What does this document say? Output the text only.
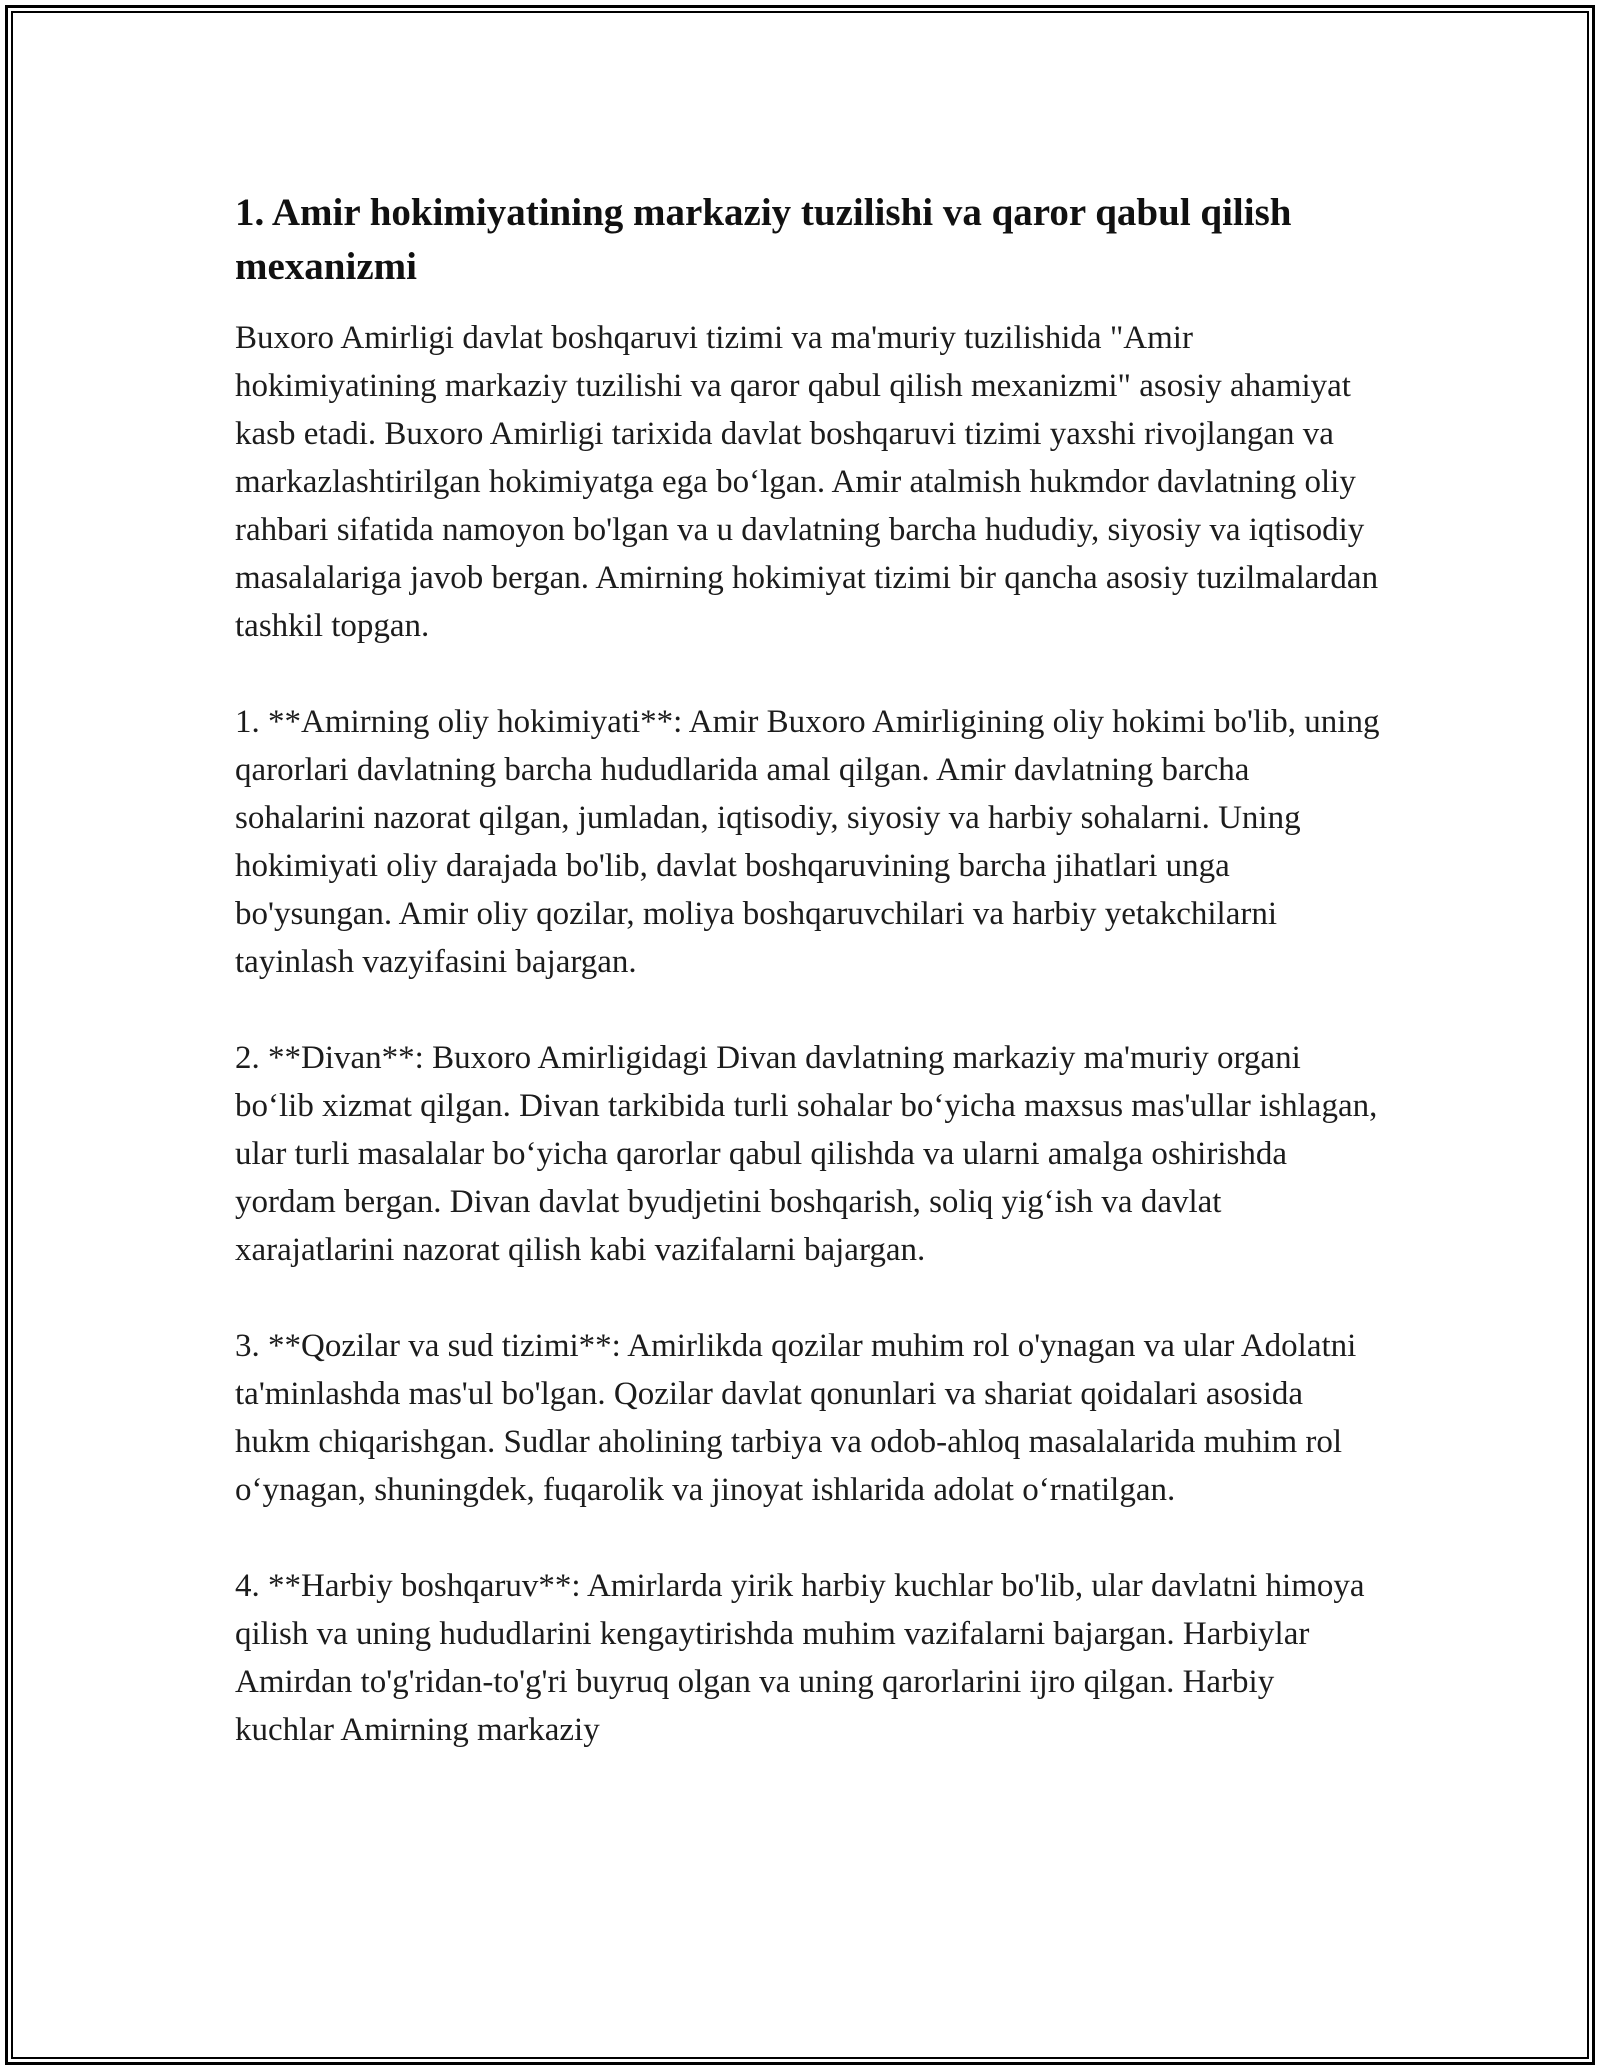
1. Amir hokimiyatining markaziy tuzilishi va qaror qabul qilish mexanizmi

Buxoro Amirligi davlat boshqaruvi tizimi va ma'muriy tuzilishida "Amir hokimiyatining markaziy tuzilishi va qaror qabul qilish mexanizmi" asosiy ahamiyat kasb etadi. Buxoro Amirligi tarixida davlat boshqaruvi tizimi yaxshi rivojlangan va markazlashtirilgan hokimiyatga ega bo‘lgan. Amir atalmish hukmdor davlatning oliy rahbari sifatida namoyon bo'lgan va u davlatning barcha hududiy, siyosiy va iqtisodiy masalalariga javob bergan. Amirning hokimiyat tizimi bir qancha asosiy tuzilmalardan tashkil topgan.

1. **Amirning oliy hokimiyati**: Amir Buxoro Amirligining oliy hokimi bo'lib, uning qarorlari davlatning barcha hududlarida amal qilgan. Amir davlatning barcha sohalarini nazorat qilgan, jumladan, iqtisodiy, siyosiy va harbiy sohalarni. Uning hokimiyati oliy darajada bo'lib, davlat boshqaruvining barcha jihatlari unga bo'ysungan. Amir oliy qozilar, moliya boshqaruvchilari va harbiy yetakchilarni tayinlash vazyifasini bajargan.

2. **Divan**: Buxoro Amirligidagi Divan davlatning markaziy ma'muriy organi bo‘lib xizmat qilgan. Divan tarkibida turli sohalar bo‘yicha maxsus mas'ullar ishlagan, ular turli masalalar bo‘yicha qarorlar qabul qilishda va ularni amalga oshirishda yordam bergan. Divan davlat byudjetini boshqarish, soliq yig‘ish va davlat xarajatlarini nazorat qilish kabi vazifalarni bajargan.

3. **Qozilar va sud tizimi**: Amirlikda qozilar muhim rol o'ynagan va ular Adolatni ta'minlashda mas'ul bo'lgan. Qozilar davlat qonunlari va shariat qoidalari asosida hukm chiqarishgan. Sudlar aholining tarbiya va odob-ahloq masalalarida muhim rol o‘ynagan, shuningdek, fuqarolik va jinoyat ishlarida adolat o‘rnatilgan.

4. **Harbiy boshqaruv**: Amirlarda yirik harbiy kuchlar bo'lib, ular davlatni himoya qilish va uning hududlarini kengaytirishda muhim vazifalarni bajargan. Harbiylar Amirdan to'g'ridan-to'g'ri buyruq olgan va uning qarorlarini ijro qilgan. Harbiy kuchlar Amirning markaziy
